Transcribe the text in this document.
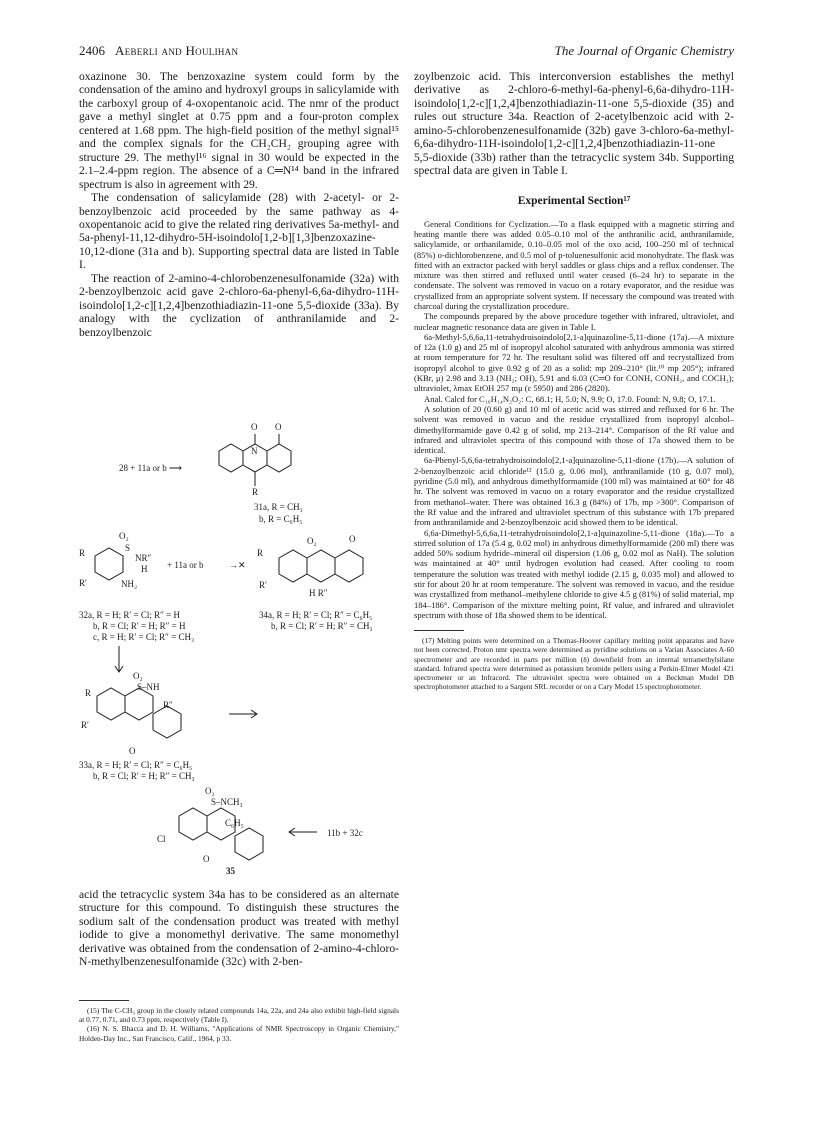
2406 Aeberli and Houlihan	The Journal of Organic Chemistry

oxazinone 30. The benzoxazine system could form by the condensation of the amino and hydroxyl groups in salicylamide with the carboxyl group of 4-oxopentanoic acid. The nmr of the product gave a methyl singlet at 0.75 ppm and a four-proton complex centered at 1.68 ppm. The high-field position of the methyl signal¹⁵ and the complex signals for the CH₂CH₂ grouping agree with structure 29. The methyl¹⁶ signal in 30 would be expected in the 2.1–2.4-ppm region. The absence of a C═N¹⁴ band in the infrared spectrum is also in agreement with 29.

The condensation of salicylamide (28) with 2-acetyl- or 2-benzoylbenzoic acid proceeded by the same pathway as 4-oxopentanoic acid to give the related ring derivatives 5a-methyl- and 5a-phenyl-11,12-dihydro-5H-isoindolo[1,2-b][1,3]benzoxazine-10,12-dione (31a and b). Supporting spectral data are listed in Table I.

The reaction of 2-amino-4-chlorobenzenesulfonamide (32a) with 2-benzoylbenzoic acid gave 2-chloro-6a-phenyl-6,6a-dihydro-11H-isoindolo[1,2-c][1,2,4]benzothiadiazin-11-one 5,5-dioxide (33a). By analogy with the cyclization of anthranilamide and 2-benzoylbenzoic

28 + 11a or b ⟶
O O
N
R
31a, R = CH₃
b, R = C₆H₅
R
O₂
S
NR″
H
NH₂
R′
+ 11a or b	→✕
R
R′
O₂	O
H R″
32a, R = H; R′ = Cl; R″ = H
b, R = Cl; R′ = H; R″ = H
c, R = H; R′ = Cl; R″ = CH₃
34a, R = H; R′ = Cl; R″ = C₆H₅
b, R = Cl; R′ = H; R″ = CH₃
R
R′
O₂
S–NH
R″
O
33a, R = H; R′ = Cl; R″ = C₆H₅
b, R = Cl; R′ = H; R″ = CH₃
Cl
O₂
S–NCH₃
C₆H₅
O
11b + 32c
35

acid the tetracyclic system 34a has to be considered as an alternate structure for this compound. To distinguish these structures the sodium salt of the condensation product was treated with methyl iodide to give a monomethyl derivative. The same monomethyl derivative was obtained from the condensation of 2-amino-4-chloro-N-methylbenzenesulfonamide (32c) with 2-ben-

(15) The C-CH₃ group in the closely related compounds 14a, 22a, and 24a also exhibit high-field signals at 0.77, 0.71, and 0.73 ppm, respectively (Table I).

(16) N. S. Bhacca and D. H. Williams, "Applications of NMR Spectroscopy in Organic Chemistry," Holden-Day Inc., San Francisco, Calif., 1964, p 33.

zoylbenzoic acid. This interconversion establishes the methyl derivative as 2-chloro-6-methyl-6a-phenyl-6,6a-dihydro-11H-isoindolo[1,2-c][1,2,4]benzothiadiazin-11-one 5,5-dioxide (35) and rules out structure 34a. Reaction of 2-acetylbenzoic acid with 2-amino-5-chlorobenzenesulfonamide (32b) gave 3-chloro-6a-methyl-6,6a-dihydro-11H-isoindolo[1,2-c][1,2,4]benzothiadiazin-11-one 5,5-dioxide (33b) rather than the tetracyclic system 34b. Supporting spectral data are given in Table I.

Experimental Section¹⁷

General Conditions for Cyclization.—To a flask equipped with a magnetic stirring and heating mantle there was added 0.05–0.10 mol of the anthranilic acid, anthranilamide, salicylamide, or orthanilamide, 0.10–0.05 mol of the oxo acid, 100–250 ml of technical (85%) o-dichlorobenzene, and 0.5 mol of p-toluenesulfonic acid monohydrate. The flask was fitted with an extractor packed with beryl saddles or glass chips and a reflux condenser. The mixture was then stirred and refluxed until water ceased (6–24 hr) to separate in the condensate. The solvent was removed in vacuo on a rotary evaporator, and the residue was crystallized from an appropriate solvent system. If necessary the compound was treated with charcoal during the crystallization procedure.

The compounds prepared by the above procedure together with infrared, ultraviolet, and nuclear magnetic resonance data are given in Table I.

6a-Methyl-5,6,6a,11-tetrahydroisoindolo[2,1-a]quinazoline-5,11-dione (17a).—A mixture of 12a (1.0 g) and 25 ml of isopropyl alcohol saturated with anhydrous ammonia was stirred at room temperature for 72 hr. The resultant solid was filtered off and recrystallized from isopropyl alcohol to give 0.92 g of 20 as a solid: mp 209–210° (lit.¹⁰ mp 205°); infrared (KBr, μ) 2.98 and 3.13 (NH₂; OH), 5.91 and 6.03 (C═O for CONH, CONH₂, and COCH₃); ultraviolet, λmax EtOH 257 mμ (ε 5950) and 286 (2820).

Anal. Calcd for C₁₆H₁₄N₂O₂: C, 68.1; H, 5.0; N, 9.9; O, 17.0. Found: N, 9.8; O, 17.1.

A solution of 20 (0.60 g) and 10 ml of acetic acid was stirred and refluxed for 6 hr. The solvent was removed in vacuo and the residue crystallized from isopropyl alcohol–dimethylformamide gave 0.42 g of solid, mp 213–214°. Comparison of the Rf value and infrared and ultraviolet spectra of this compound with those of 17a showed them to be identical.

6a-Phenyl-5,6,6a-tetrahydroisoindolo[2,1-a]quinazoline-5,11-dione (17b).—A solution of 2-benzoylbenzoic acid chloride¹² (15.0 g, 0.06 mol), anthranilamide (10 g, 0.07 mol), pyridine (5.0 ml), and anhydrous dimethylformamide (100 ml) was maintained at 60° for 48 hr. The solvent was removed in vacuo on a rotary evaporator and the residue crystallized from methanol–water. There was obtained 16.3 g (84%) of 17b, mp >300°. Comparison of the Rf value and the infrared and ultraviolet spectrum of this substance with 17b prepared from anthranilamide and 2-benzoylbenzoic acid showed them to be identical.

6,6a-Dimethyl-5,6,6a,11-tetrahydroisoindolo[2,1-a]quinazoline-5,11-dione (18a).—To a stirred solution of 17a (5.4 g, 0.02 mol) in anhydrous dimethylformamide (200 ml) there was added 50% sodium hydride–mineral oil dispersion (1.06 g, 0.02 mol as NaH). The solution was maintained at 40° until hydrogen evolution had ceased. After cooling to room temperature the solution was treated with methyl iodide (2.15 g, 0.035 mol) and allowed to stir for about 20 hr at room temperature. The solvent was removed in vacuo, and the residue was crystallized from methanol–methylene chloride to give 4.5 g (81%) of solid material, mp 184–186°. Comparison of the mixture melting point, Rf value, and infrared and ultraviolet spectrum with those of 18a showed them to be identical.

(17) Melting points were determined on a Thomas-Hoover capillary melting point apparatus and have not been corrected. Proton nmr spectra were determined as pyridine solutions on a Varian Associates A-60 spectrometer and are recorded in parts per million (δ) downfield from an internal tetramethylsilane standard. Infrared spectra were determined as potassium bromide pellets using a Perkin-Elmer Model 421 spectrometer or an Infracord. The ultraviolet spectra were obtained on a Beckman Model DB spectrophotometer attached to a Sargent SRL recorder or on a Cary Model 15 spectrophotometer.
